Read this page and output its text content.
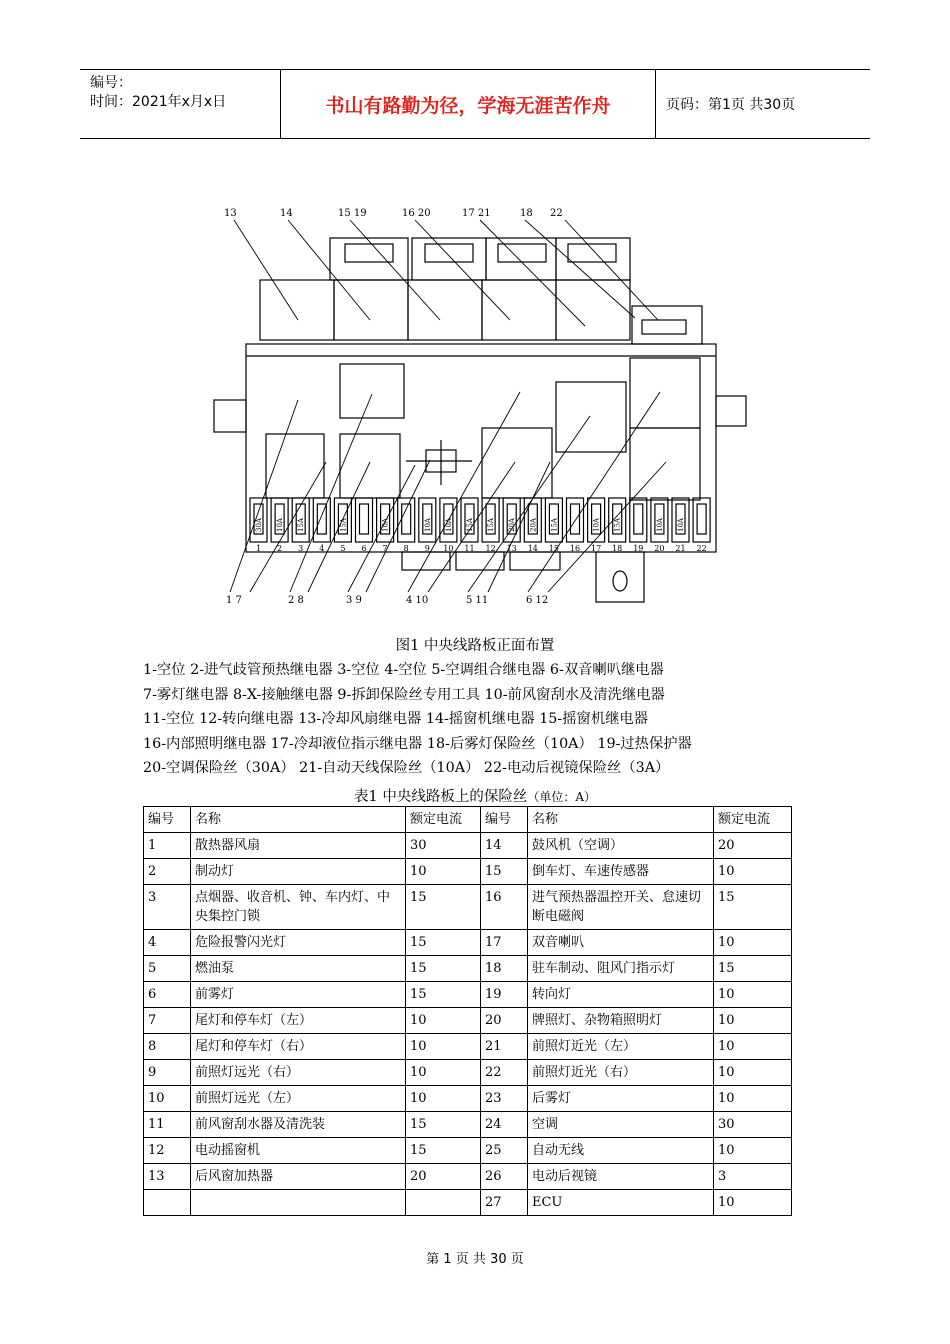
编号：
时间：2021年x月x日	书山有路勤为径，学海无涯苦作舟	页码：第1页 共30页
13	14	15 19	16 20	17 21	18 22
30A
1
10A
2
15A
3 4
15A
5 6
10A
7 8
10A
9
10A
10
15A
11
15A
12
20A
13
20A
14
15A
15 16
10A
17
15A
18 19
10A
20
10A
21 22
1 7	2 8	3 9	4 10	5 11	6 12
图1 中央线路板正面布置
1-空位 2-进气歧管预热继电器 3-空位 4-空位 5-空调组合继电器 6-双音喇叭继电器
7-雾灯继电器 8-X-接触继电器 9-拆卸保险丝专用工具 10-前风窗刮水及清洗继电器
11-空位 12-转向继电器 13-冷却风扇继电器 14-摇窗机继电器 15-摇窗机继电器
16-内部照明继电器 17-冷却液位指示继电器 18-后雾灯保险丝（10A） 19-过热保护器
20-空调保险丝（30A） 21-自动天线保险丝（10A） 22-电动后视镜保险丝（3A）
表1 中央线路板上的保险丝（单位：A）
编号	名称	额定电流	编号	名称	额定电流
1	散热器风扇	30	14	鼓风机（空调）	20
2	制动灯	10	15	倒车灯、车速传感器	10
3	点烟器、收音机、钟、车内灯、中央集控门锁	15	16	进气预热器温控开关、怠速切断电磁阀	15
4	危险报警闪光灯	15	17	双音喇叭	10
5	燃油泵	15	18	驻车制动、阻风门指示灯	15
6	前雾灯	15	19	转向灯	10
7	尾灯和停车灯（左）	10	20	牌照灯、杂物箱照明灯	10
8	尾灯和停车灯（右）	10	21	前照灯近光（左）	10
9	前照灯远光（右）	10	22	前照灯近光（右）	10
10	前照灯远光（左）	10	23	后雾灯	10
11	前风窗刮水器及清洗装	15	24	空调	30
12	电动摇窗机	15	25	自动无线	10
13	后风窗加热器	20	26	电动后视镜	3
			27	ECU	10
第 1 页 共 30 页
